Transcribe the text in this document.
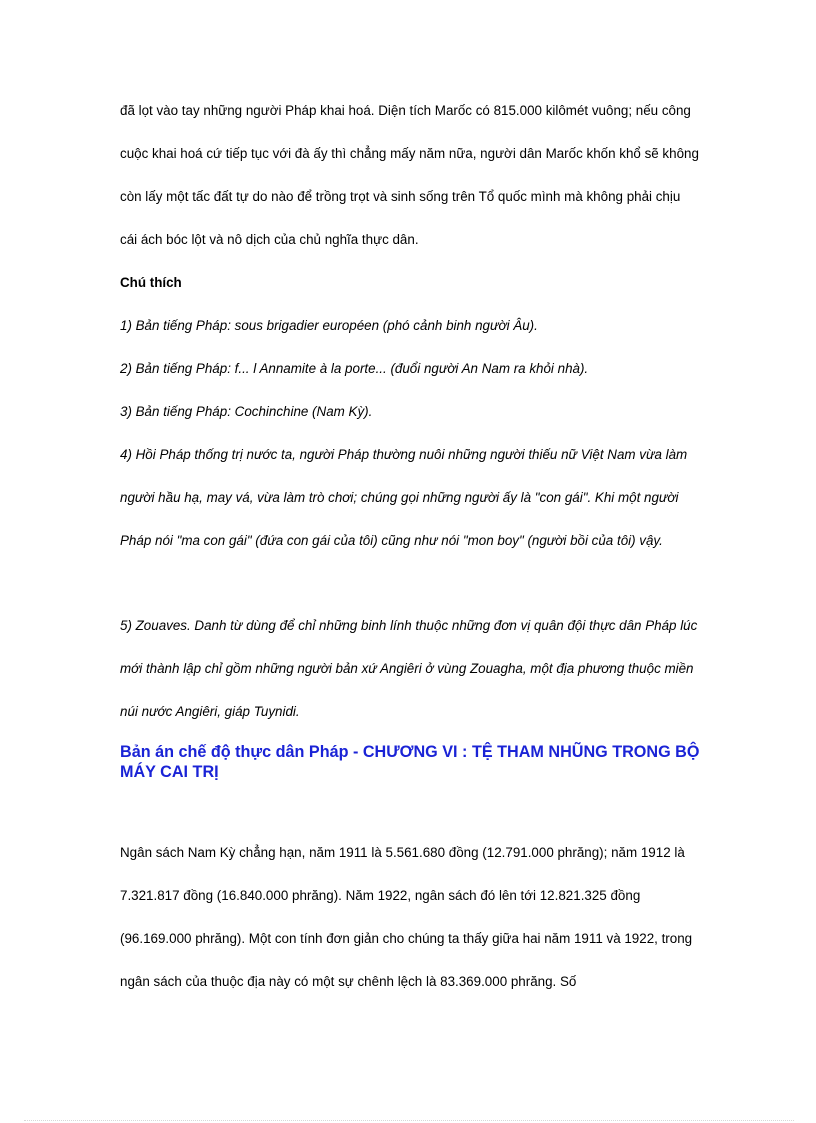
đã lọt vào tay những người Pháp khai hoá. Diện tích Marốc có 815.000 kilômét vuông; nếu công cuộc khai hoá cứ tiếp tục với đà ấy thì chẳng mấy năm nữa, người dân Marốc khốn khổ sẽ không còn lấy một tấc đất tự do nào để trồng trọt và sinh sống trên Tổ quốc mình mà không phải chịu cái ách bóc lột và nô dịch của chủ nghĩa thực dân.

Chú thích

1) Bản tiếng Pháp: sous brigadier européen (phó cảnh binh người Âu).

2) Bản tiếng Pháp: f... l Annamite à la porte... (đuổi người An Nam ra khỏi nhà).

3) Bản tiếng Pháp: Cochinchine (Nam Kỳ).

4) Hồi Pháp thống trị nước ta, người Pháp thường nuôi những người thiếu nữ Việt Nam vừa làm người hầu hạ, may vá, vừa làm trò chơi; chúng gọi những người ấy là "con gái". Khi một người Pháp nói "ma con gái" (đứa con gái của tôi) cũng như nói "mon boy" (người bồi của tôi) vậy.

5) Zouaves. Danh từ dùng để chỉ những binh lính thuộc những đơn vị quân đội thực dân Pháp lúc mới thành lập chỉ gồm những người bản xứ Angiêri ở vùng Zouagha, một địa phương thuộc miền núi nước Angiêri, giáp Tuynidi.

Bản án chế độ thực dân Pháp - CHƯƠNG VI : TỆ THAM NHŨNG TRONG BỘ MÁY CAI TRỊ

Ngân sách Nam Kỳ chẳng hạn, năm 1911 là 5.561.680 đồng (12.791.000 phrăng); năm 1912 là 7.321.817 đồng (16.840.000 phrăng). Năm 1922, ngân sách đó lên tới 12.821.325 đồng (96.169.000 phrăng). Một con tính đơn giản cho chúng ta thấy giữa hai năm 1911 và 1922, trong ngân sách của thuộc địa này có một sự chênh lệch là 83.369.000 phrăng. Số
